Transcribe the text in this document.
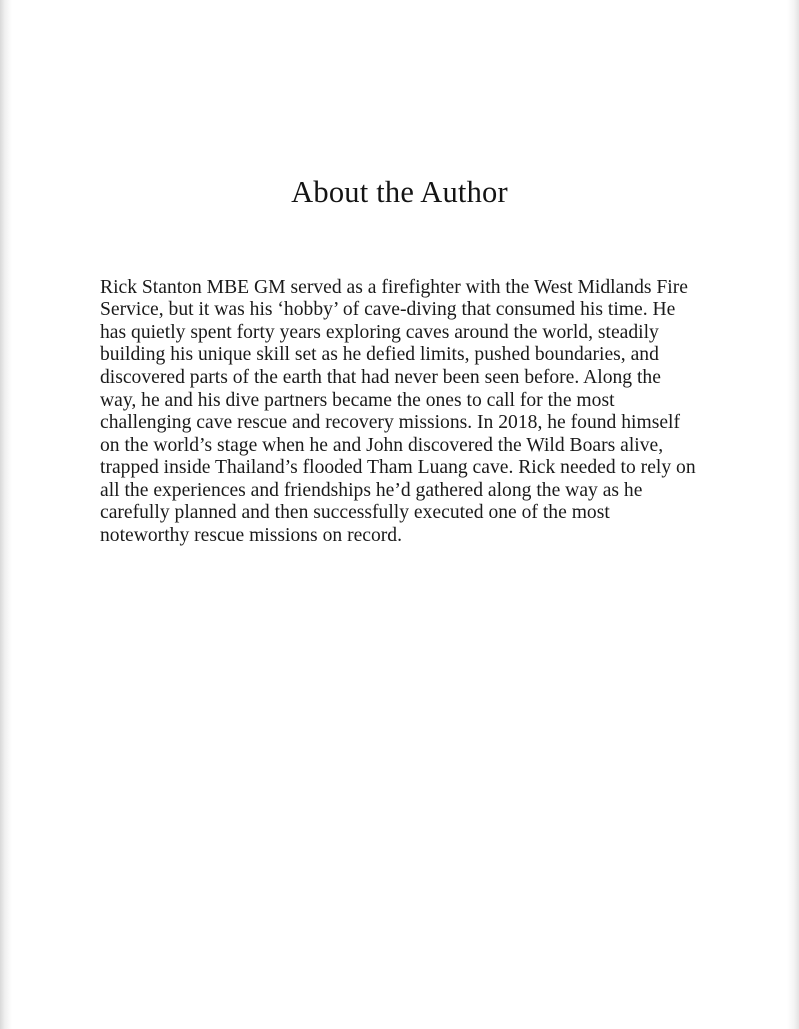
About the Author

Rick Stanton MBE GM served as a firefighter with the West Midlands Fire Service, but it was his ‘hobby’ of cave-diving that consumed his time. He has quietly spent forty years exploring caves around the world, steadily building his unique skill set as he defied limits, pushed boundaries, and discovered parts of the earth that had never been seen before. Along the way, he and his dive partners became the ones to call for the most challenging cave rescue and recovery missions. In 2018, he found himself on the world’s stage when he and John discovered the Wild Boars alive, trapped inside Thailand’s flooded Tham Luang cave. Rick needed to rely on all the experiences and friendships he’d gathered along the way as he carefully planned and then successfully executed one of the most noteworthy rescue missions on record.
